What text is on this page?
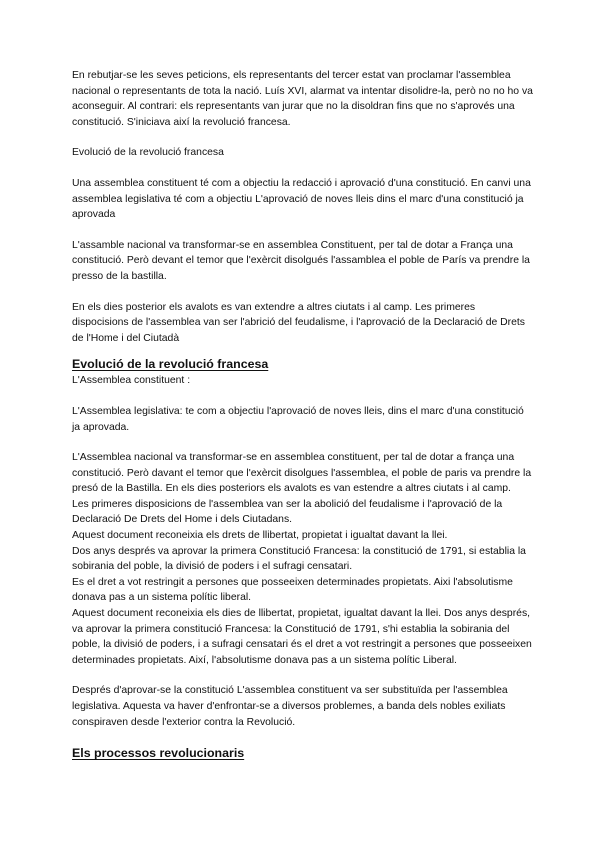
En rebutjar-se les seves peticions, els representants del tercer estat van proclamar l'assemblea nacional o representants de tota la nació. Luís XVI, alarmat va intentar disolidre-la, però no no ho va aconseguir. Al contrari: els representants van jurar que no la disoldran fins que no s'aprovés una constitució. S'iniciava així la revolució francesa.

Evolució de la revolució francesa

Una assemblea constituent té com a objectiu la redacció i aprovació d'una constitució. En canvi una assemblea legislativa té com a objectiu L'aprovació de noves lleis dins el marc d'una constitució ja aprovada

L'assamble nacional va transformar-se en assemblea Constituent, per tal de dotar a França una constitució. Però devant el temor que l'exèrcit disolgués l'assamblea el poble de París va prendre la presso de la bastilla.

En els dies posterior els avalots es van extendre a altres ciutats i al camp. Les primeres dispocisions de l'assemblea van ser l'abrició del feudalisme, i l'aprovació de la Declaració de Drets de l'Home i del Ciutadà

Evolució de la revolució francesa

L'Assemblea constituent :

L'Assemblea legislativa: te com a objectiu l'aprovació de noves lleis, dins el marc d'una constitució ja aprovada.

L'Assemblea nacional va transformar-se en assemblea constituent, per tal de dotar a frança una constitució. Però davant el temor que l'exèrcit disolgues l'assemblea, el poble de paris va prendre la presó de la Bastilla. En els dies posteriors els avalots es van estendre a altres ciutats i al camp.

Les primeres disposicions de l'assemblea van ser la abolició del feudalisme i l'aprovació de la Declaració De Drets del Home i dels Ciutadans.

Aquest document reconeixia els drets de llibertat, propietat i igualtat davant la llei.

Dos anys després va aprovar la primera Constitució Francesa: la constitució de 1791, si establia la sobirania del poble, la divisió de poders i el sufragi censatari.

Es el dret a vot restringit a persones que posseeixen determinades propietats. Aixi l'absolutisme donava pas a un sistema polític liberal.

Aquest document reconeixia els dies de llibertat, propietat, igualtat davant la llei. Dos anys després, va aprovar la primera constitució Francesa: la Constitució de 1791, s'hi establia la sobirania del poble, la divisió de poders, i a sufragi censatari és el dret a vot restringit a persones que posseeixen determinades propietats. Així, l'absolutisme donava pas a un sistema polític Liberal.

Després d'aprovar-se la constitució L'assemblea constituent va ser substituïda per l'assemblea legislativa. Aquesta va haver d'enfrontar-se a diversos problemes, a banda dels nobles exiliats conspiraven desde l'exterior contra la Revolució.

Els processos revolucionaris
